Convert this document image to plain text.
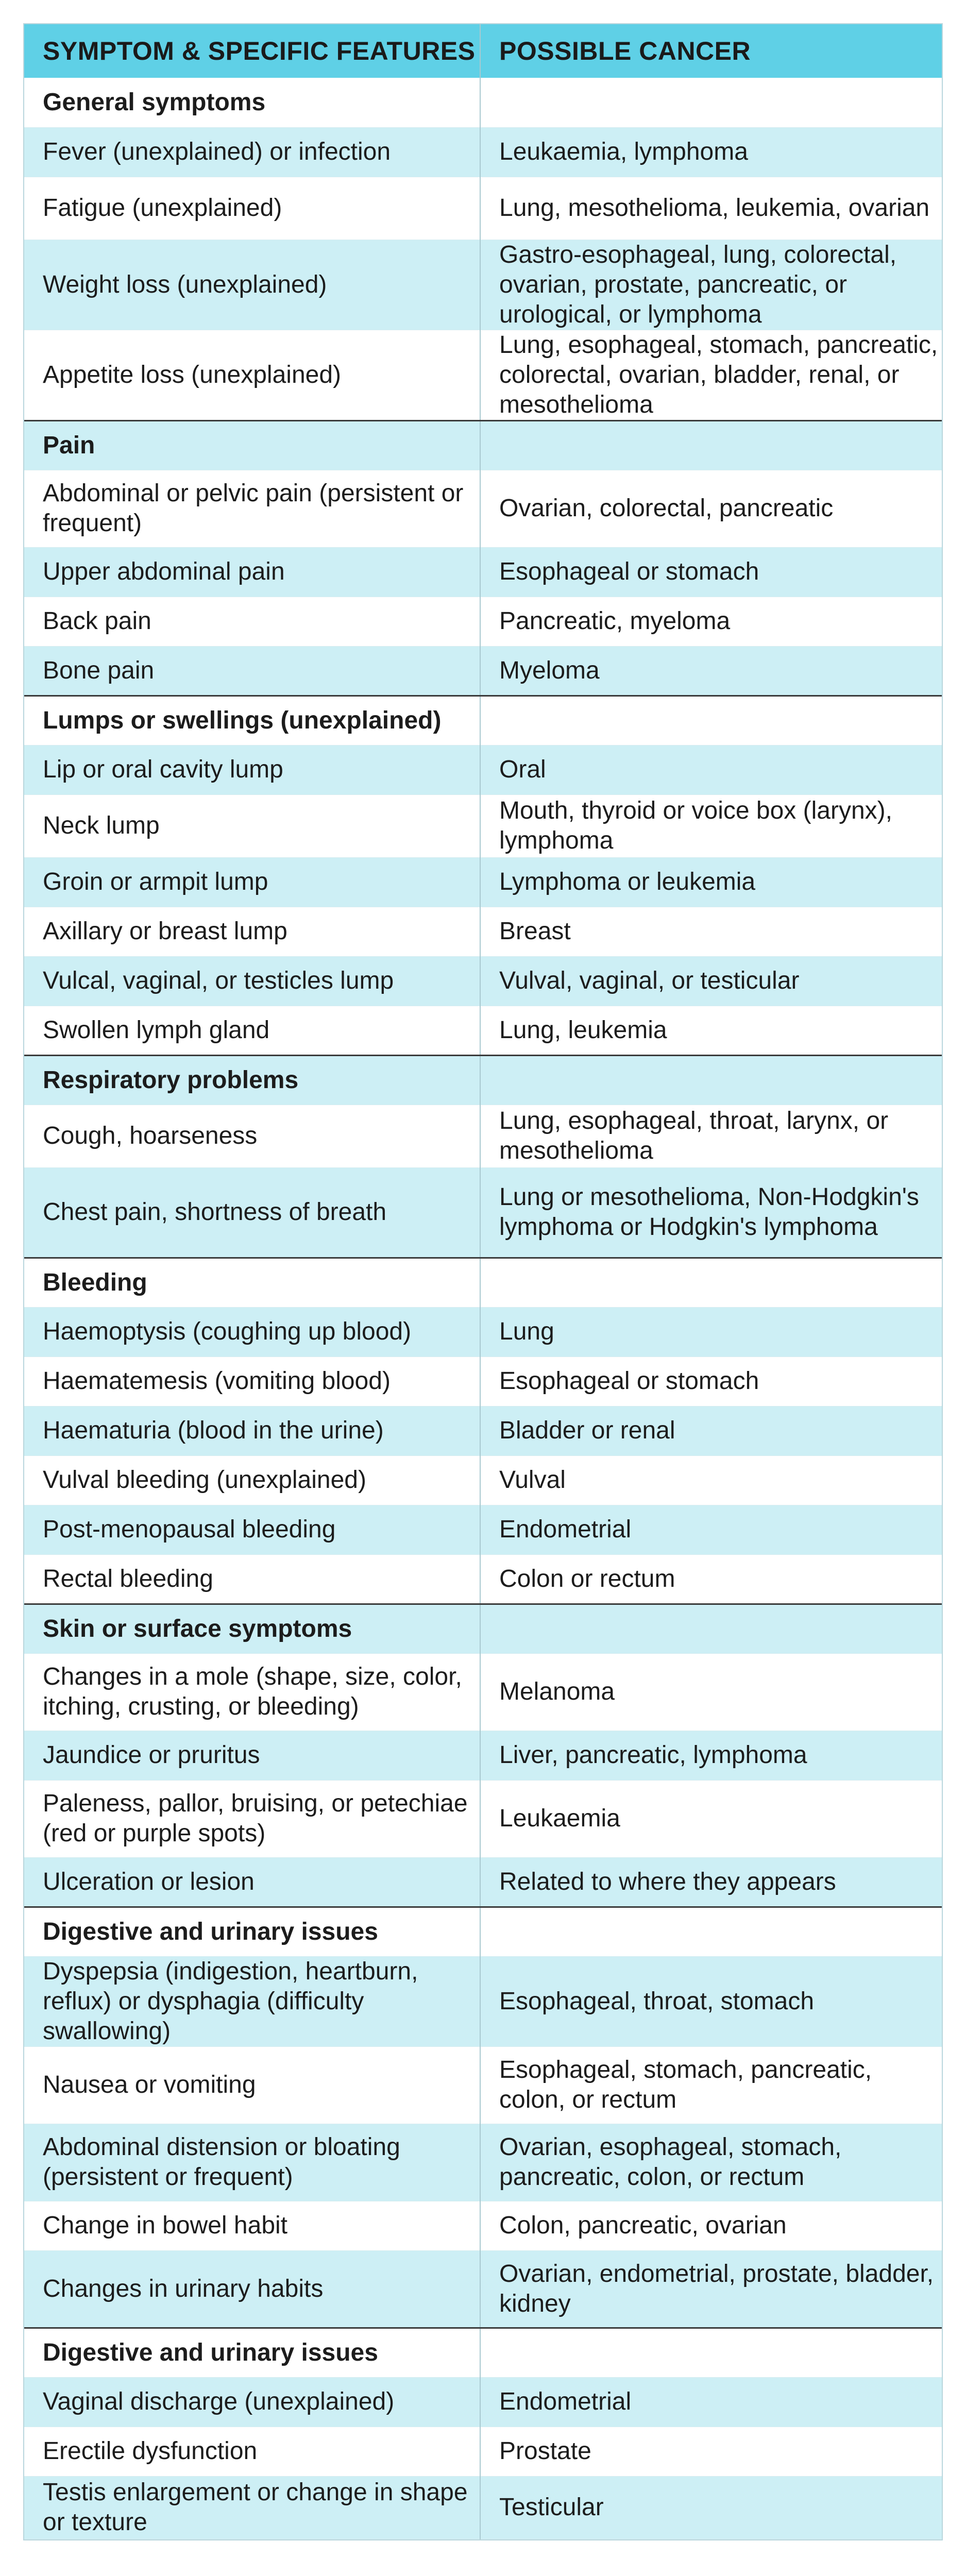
SYMPTOM & SPECIFIC FEATURES	POSSIBLE CANCER
General symptoms	
Fever (unexplained) or infection	Leukaemia, lymphoma
Fatigue (unexplained)	Lung, mesothelioma, leukemia, ovarian
Weight loss (unexplained)	Gastro-esophageal, lung, colorectal, ovarian, prostate, pancreatic, or urological, or lymphoma
Appetite loss (unexplained)	Lung, esophageal, stomach, pancreatic, colorectal, ovarian, bladder, renal, or mesothelioma
Pain	
Abdominal or pelvic pain (persistent or frequent)	Ovarian, colorectal, pancreatic
Upper abdominal pain	Esophageal or stomach
Back pain	Pancreatic, myeloma
Bone pain	Myeloma
Lumps or swellings (unexplained)	
Lip or oral cavity lump	Oral
Neck lump	Mouth, thyroid or voice box (larynx), lymphoma
Groin or armpit lump	Lymphoma or leukemia
Axillary or breast lump	Breast
Vulcal, vaginal, or testicles lump	Vulval, vaginal, or testicular
Swollen lymph gland	Lung, leukemia
Respiratory problems	
Cough, hoarseness	Lung, esophageal, throat, larynx, or mesothelioma
Chest pain, shortness of breath	Lung or mesothelioma, Non-Hodgkin's lymphoma or Hodgkin's lymphoma
Bleeding	
Haemoptysis (coughing up blood)	Lung
Haematemesis (vomiting blood)	Esophageal or stomach
Haematuria (blood in the urine)	Bladder or renal
Vulval bleeding (unexplained)	Vulval
Post-menopausal bleeding	Endometrial
Rectal bleeding	Colon or rectum
Skin or surface symptoms	
Changes in a mole (shape, size, color, itching, crusting, or bleeding)	Melanoma
Jaundice or pruritus	Liver, pancreatic, lymphoma
Paleness, pallor, bruising, or petechiae (red or purple spots)	Leukaemia
Ulceration or lesion	Related to where they appears
Digestive and urinary issues	
Dyspepsia (indigestion, heartburn, reflux) or dysphagia (difficulty swallowing)	Esophageal, throat, stomach
Nausea or vomiting	Esophageal, stomach, pancreatic, colon, or rectum
Abdominal distension or bloating (persistent or frequent)	Ovarian, esophageal, stomach, pancreatic, colon, or rectum
Change in bowel habit	Colon, pancreatic, ovarian
Changes in urinary habits	Ovarian, endometrial, prostate, bladder, kidney
Digestive and urinary issues	
Vaginal discharge (unexplained)	Endometrial
Erectile dysfunction	Prostate
Testis enlargement or change in shape or texture	Testicular
